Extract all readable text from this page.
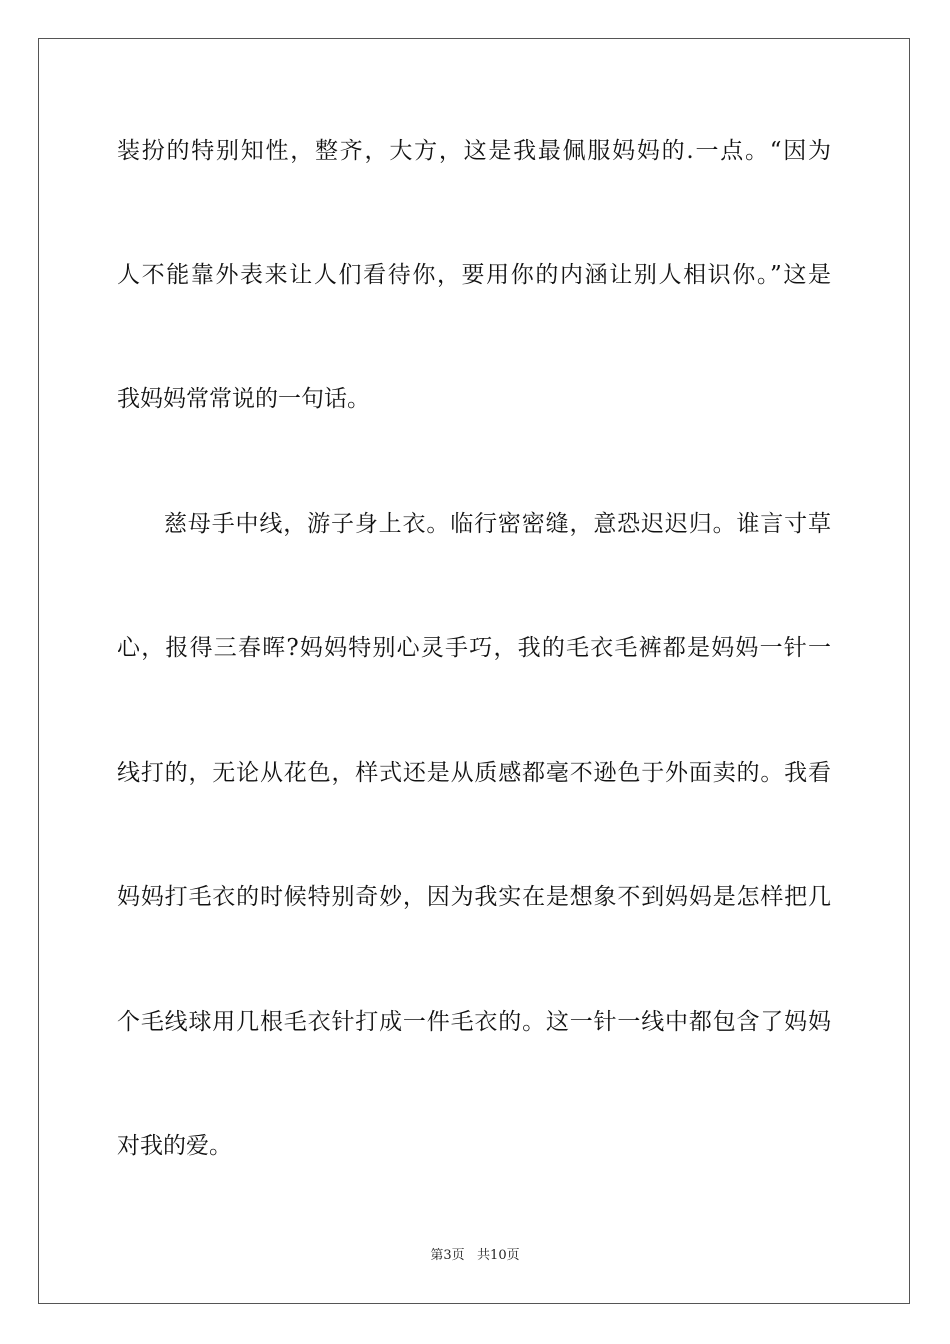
装扮的特别知性，整齐，大方，这是我最佩服妈妈的.一点。“因为
人不能靠外表来让人们看待你，要用你的内涵让别人相识你。”这是
我妈妈常常说的一句话。
慈母手中线，游子身上衣。临行密密缝，意恐迟迟归。谁言寸草
心，报得三春晖?妈妈特别心灵手巧，我的毛衣毛裤都是妈妈一针一
线打的，无论从花色，样式还是从质感都毫不逊色于外面卖的。我看
妈妈打毛衣的时候特别奇妙，因为我实在是想象不到妈妈是怎样把几
个毛线球用几根毛衣针打成一件毛衣的。这一针一线中都包含了妈妈
对我的爱。
第3页   共10页
